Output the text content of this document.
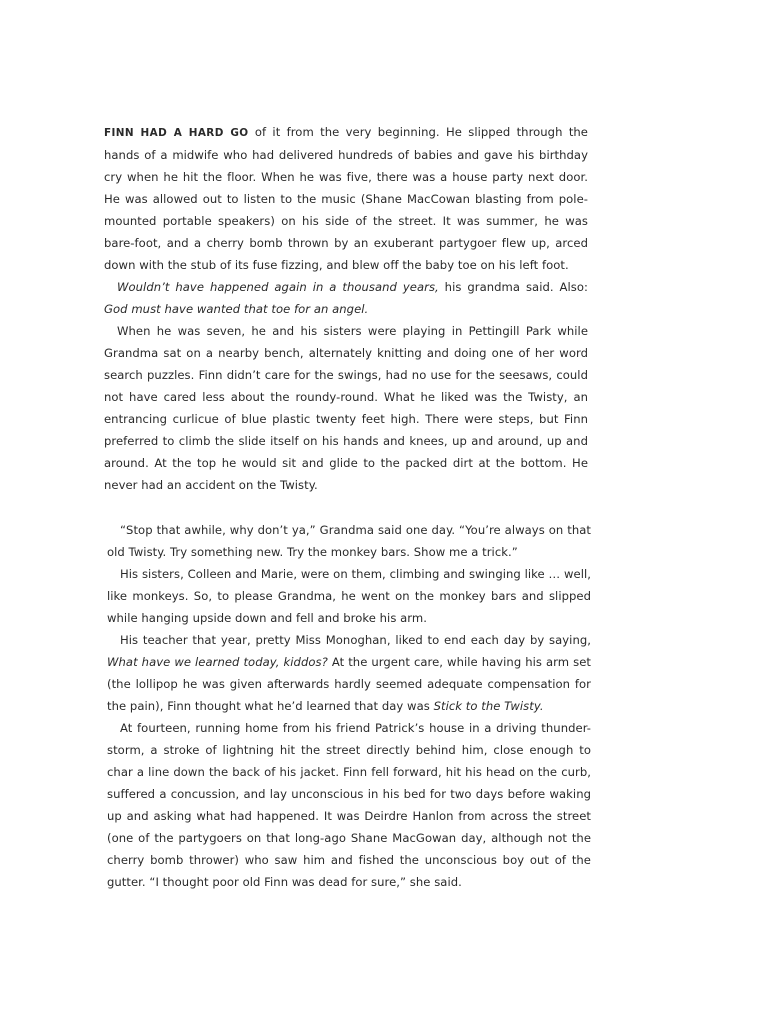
FINN HAD A HARD GO of it from the very beginning. He slipped through the hands of a midwife who had delivered hundreds of babies and gave his birthday cry when he hit the floor. When he was five, there was a house party next door. He was allowed out to listen to the music (Shane MacCowan blasting from pole-mounted portable speakers) on his side of the street. It was summer, he was bare-foot, and a cherry bomb thrown by an exuberant partygoer flew up, arced down with the stub of its fuse fizzing, and blew off the baby toe on his left foot.

Wouldn’t have happened again in a thousand years, his grandma said. Also: God must have wanted that toe for an angel.

When he was seven, he and his sisters were playing in Pettingill Park while Grandma sat on a nearby bench, alternately knitting and doing one of her word search puzzles. Finn didn’t care for the swings, had no use for the seesaws, could not have cared less about the roundy-round. What he liked was the Twisty, an entrancing curlicue of blue plastic twenty feet high. There were steps, but Finn preferred to climb the slide itself on his hands and knees, up and around, up and around. At the top he would sit and glide to the packed dirt at the bottom. He never had an accident on the Twisty.

“Stop that awhile, why don’t ya,” Grandma said one day. “You’re always on that old Twisty. Try something new. Try the monkey bars. Show me a trick.”

His sisters, Colleen and Marie, were on them, climbing and swinging like … well, like monkeys. So, to please Grandma, he went on the monkey bars and slipped while hanging upside down and fell and broke his arm.

His teacher that year, pretty Miss Monoghan, liked to end each day by saying, What have we learned today, kiddos? At the urgent care, while having his arm set (the lollipop he was given afterwards hardly seemed adequate compensation for the pain), Finn thought what he’d learned that day was Stick to the Twisty.

At fourteen, running home from his friend Patrick’s house in a driving thunder-storm, a stroke of lightning hit the street directly behind him, close enough to char a line down the back of his jacket. Finn fell forward, hit his head on the curb, suffered a concussion, and lay unconscious in his bed for two days before waking up and asking what had happened. It was Deirdre Hanlon from across the street (one of the partygoers on that long-ago Shane MacGowan day, although not the cherry bomb thrower) who saw him and fished the unconscious boy out of the gutter. “I thought poor old Finn was dead for sure,” she said.
